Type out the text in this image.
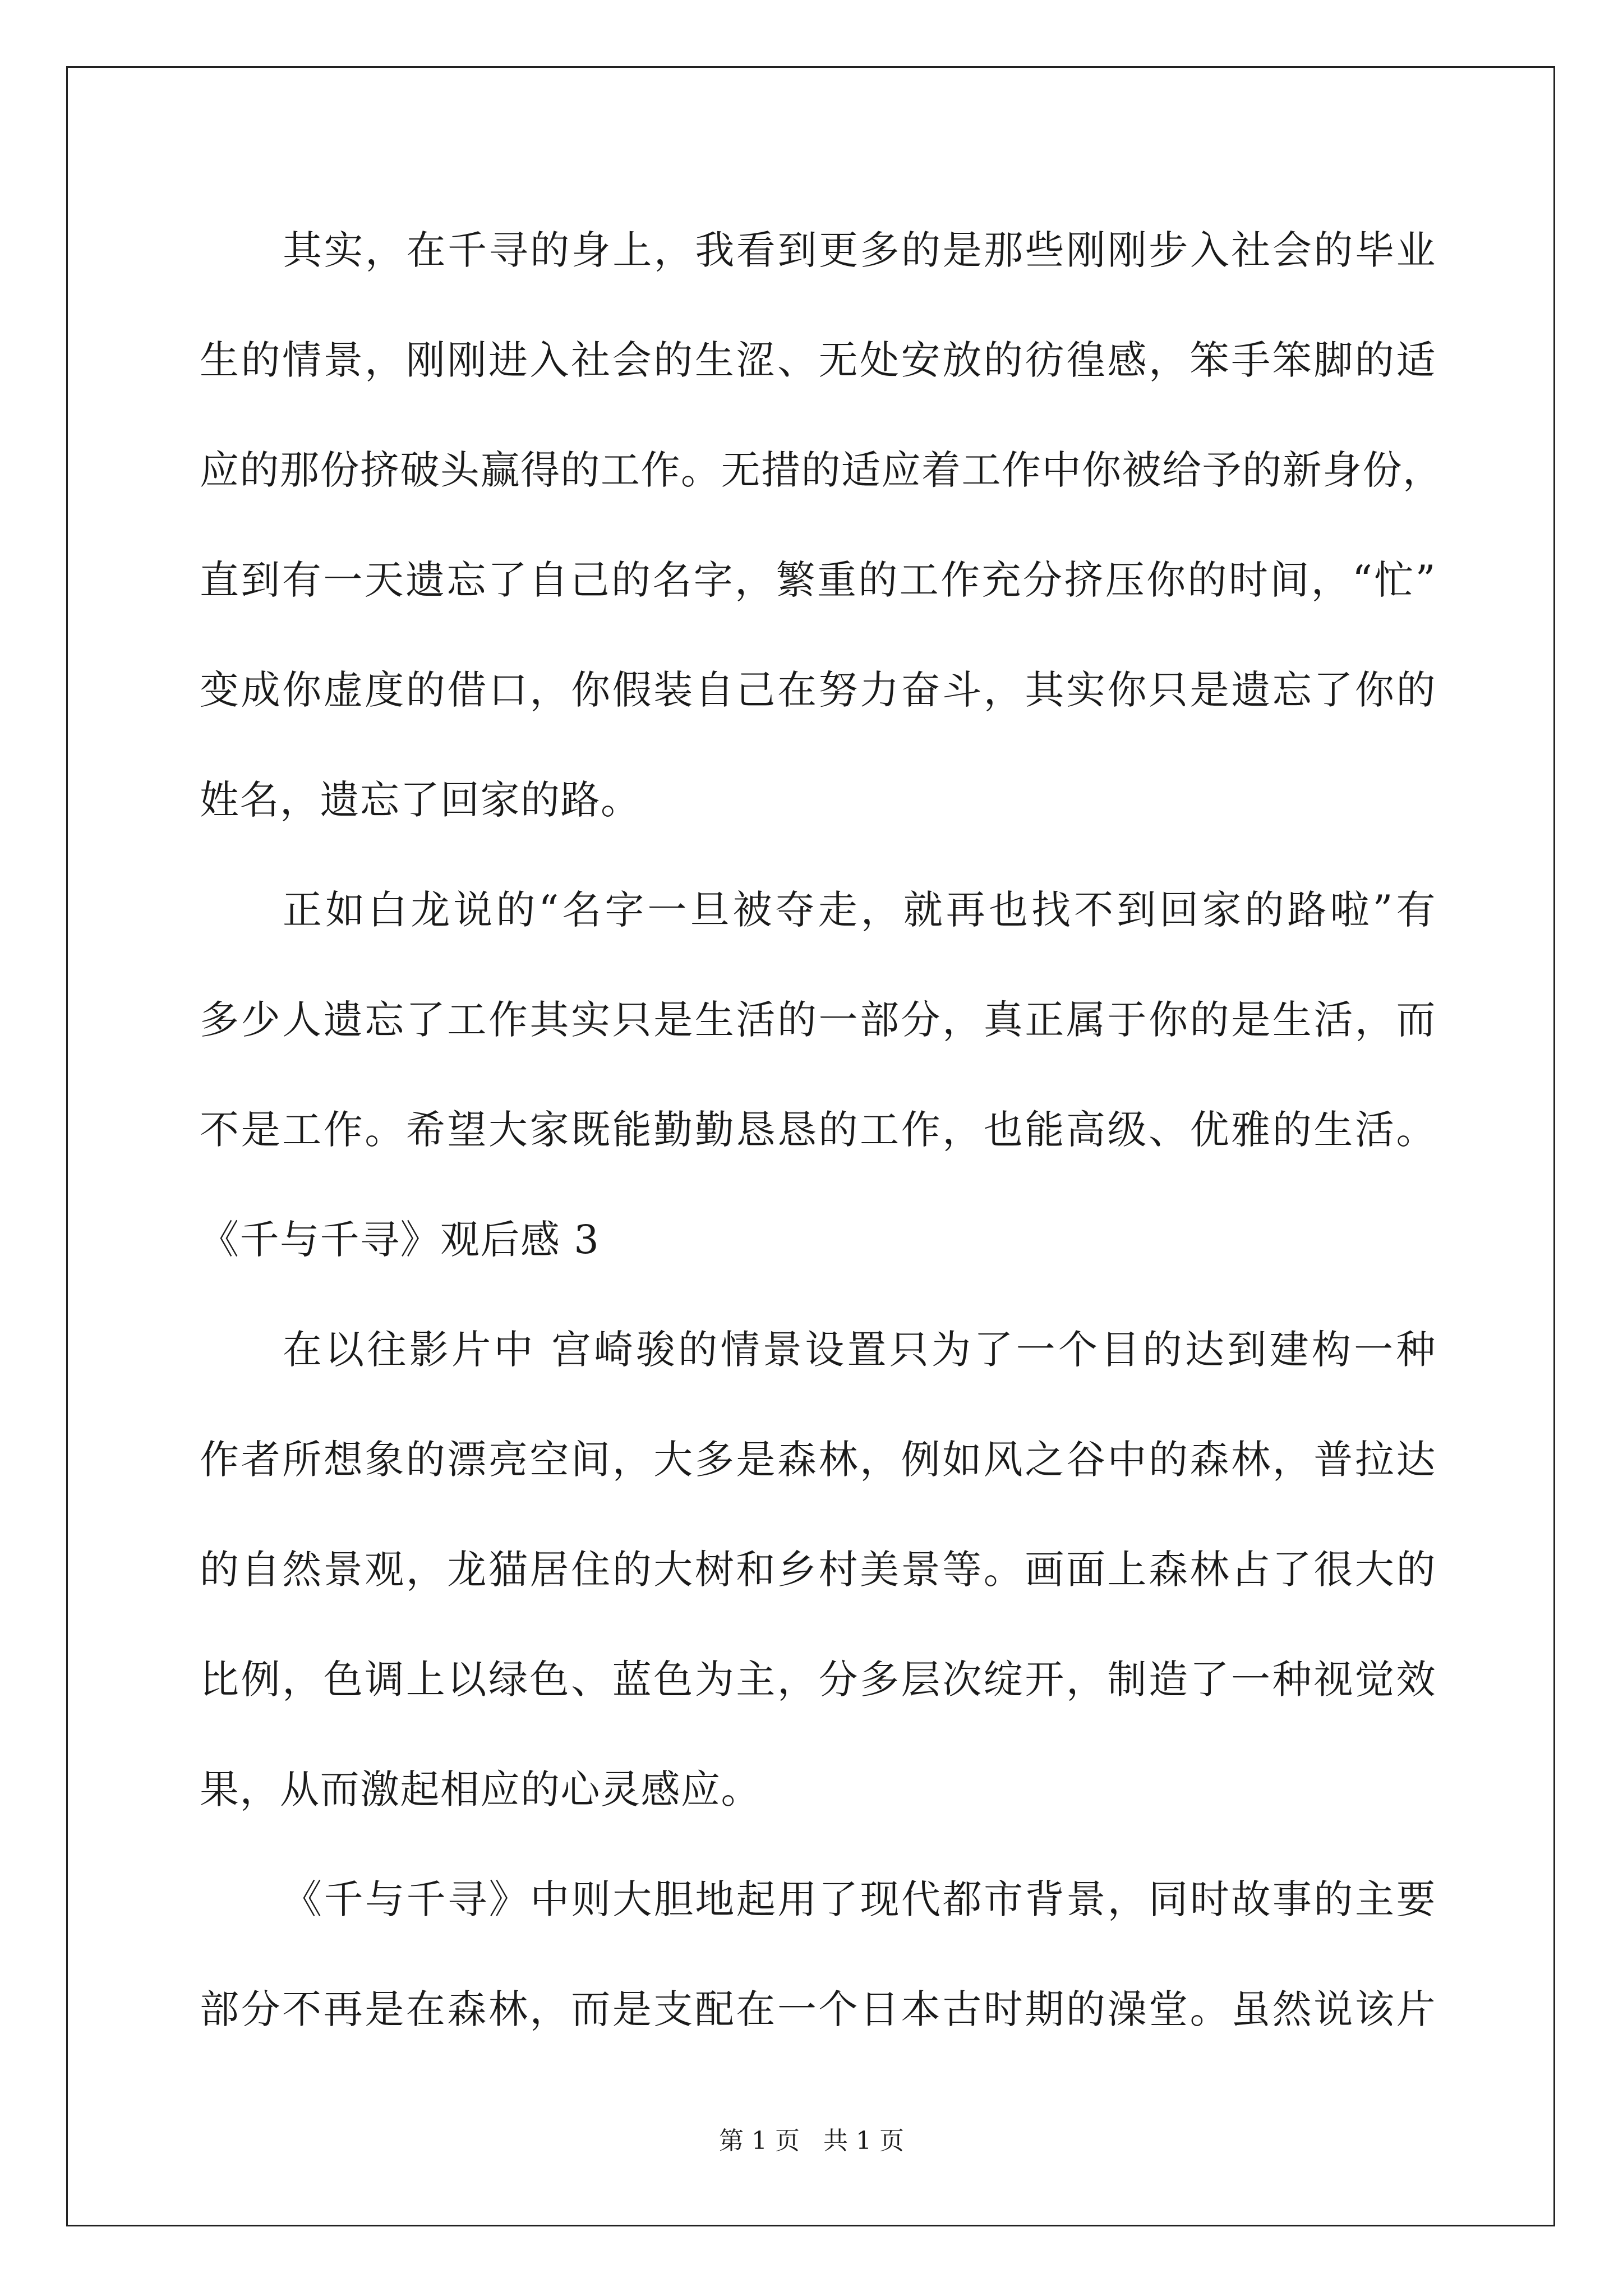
其实，在千寻的身上，我看到更多的是那些刚刚步入社会的毕业
生的情景，刚刚进入社会的生涩、无处安放的彷徨感，笨手笨脚的适
应的那份挤破头赢得的工作。无措的适应着工作中你被给予的新身份，
直到有一天遗忘了自己的名字，繁重的工作充分挤压你的时间，“忙”
变成你虚度的借口，你假装自己在努力奋斗，其实你只是遗忘了你的
姓名，遗忘了回家的路。
正如白龙说的“名字一旦被夺走，就再也找不到回家的路啦”有
多少人遗忘了工作其实只是生活的一部分，真正属于你的是生活，而
不是工作。希望大家既能勤勤恳恳的工作，也能高级、优雅的生活。
《千与千寻》观后感 3
在以往影片中 宫崎骏的情景设置只为了一个目的达到建构一种
作者所想象的漂亮空间，大多是森林，例如风之谷中的森林，普拉达
的自然景观，龙猫居住的大树和乡村美景等。画面上森林占了很大的
比例，色调上以绿色、蓝色为主，分多层次绽开，制造了一种视觉效
果，从而激起相应的心灵感应。
《千与千寻》中则大胆地起用了现代都市背景，同时故事的主要
部分不再是在森林，而是支配在一个日本古时期的澡堂。虽然说该片
第 1 页   共 1 页
